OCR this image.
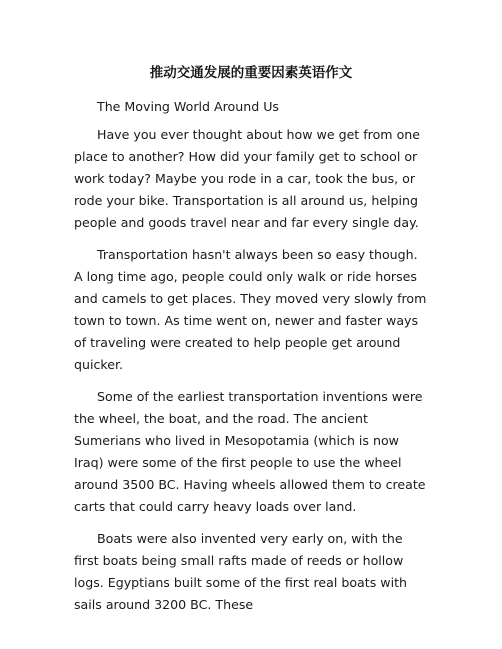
推动交通发展的重要因素英语作文

The Moving World Around Us

Have you ever thought about how we get from one place to another? How did your family get to school or work today? Maybe you rode in a car, took the bus, or rode your bike. Transportation is all around us, helping people and goods travel near and far every single day.

Transportation hasn't always been so easy though. A long time ago, people could only walk or ride horses and camels to get places. They moved very slowly from town to town. As time went on, newer and faster ways of traveling were created to help people get around quicker.

Some of the earliest transportation inventions were the wheel, the boat, and the road. The ancient Sumerians who lived in Mesopotamia (which is now Iraq) were some of the first people to use the wheel around 3500 BC. Having wheels allowed them to create carts that could carry heavy loads over land.

Boats were also invented very early on, with the first boats being small rafts made of reeds or hollow logs. Egyptians built some of the first real boats with sails around 3200 BC. These
